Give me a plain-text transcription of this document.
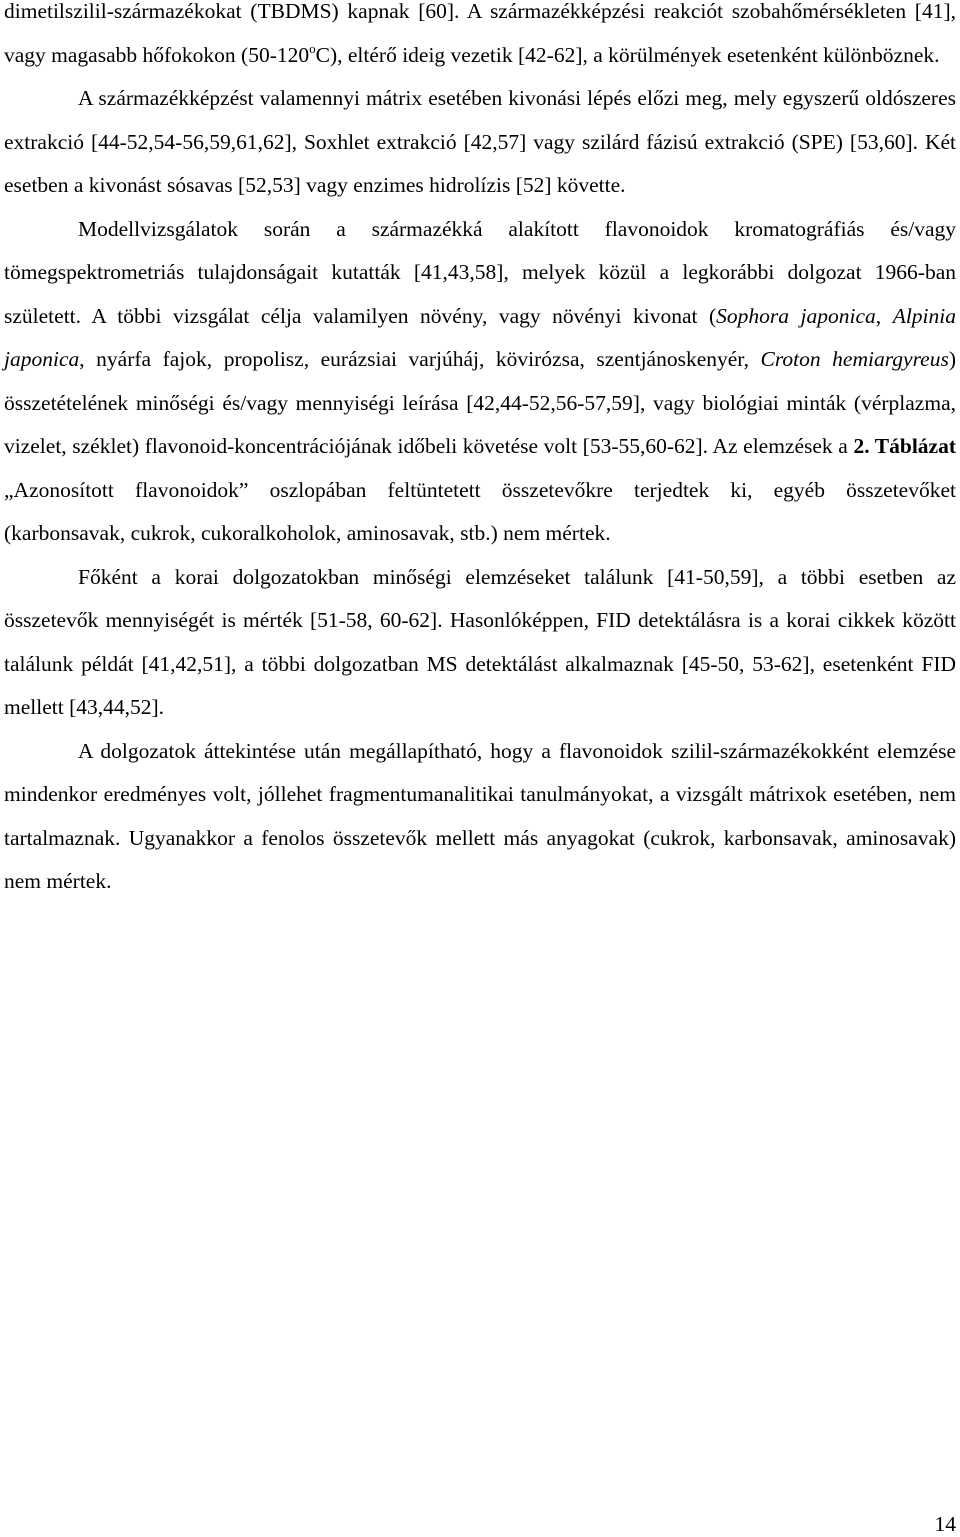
dimetilszilil-származékokat (TBDMS) kapnak [60]. A származékképzési reakciót szobahőmérsékleten [41], vagy magasabb hőfokokon (50-120$^o$C), eltérő ideig vezetik [42-62], a körülmények esetenként különböznek.

A származékképzést valamennyi mátrix esetében kivonási lépés előzi meg, mely egyszerű oldószeres extrakció [44-52,54-56,59,61,62], Soxhlet extrakció [42,57] vagy szilárd fázisú extrakció (SPE) [53,60]. Két esetben a kivonást sósavas [52,53] vagy enzimes hidrolízis [52] követte.

Modellvizsgálatok során a származékká alakított flavonoidok kromatográfiás és/vagy tömegspektrometriás tulajdonságait kutatták [41,43,58], melyek közül a legkorábbi dolgozat 1966-ban született. A többi vizsgálat célja valamilyen növény, vagy növényi kivonat (Sophora japonica, Alpinia japonica, nyárfa fajok, propolisz, eurázsiai varjúháj, kövirózsa, szentjánoskenyér, Croton hemiargyreus) összetételének minőségi és/vagy mennyiségi leírása [42,44-52,56-57,59], vagy biológiai minták (vérplazma, vizelet, széklet) flavonoid-koncentrációjának időbeli követése volt [53-55,60-62]. Az elemzések a 2. Táblázat „Azonosított flavonoidok” oszlopában feltüntetett összetevőkre terjedtek ki, egyéb összetevőket (karbonsavak, cukrok, cukoralkoholok, aminosavak, stb.) nem mértek.

Főként a korai dolgozatokban minőségi elemzéseket találunk [41-50,59], a többi esetben az összetevők mennyiségét is mérték [51-58, 60-62]. Hasonlóképpen, FID detektálásra is a korai cikkek között találunk példát [41,42,51], a többi dolgozatban MS detektálást alkalmaznak [45-50, 53-62], esetenként FID mellett [43,44,52].

A dolgozatok áttekintése után megállapítható, hogy a flavonoidok szilil-származékokként elemzése mindenkor eredményes volt, jóllehet fragmentumanalitikai tanulmányokat, a vizsgált mátrixok esetében, nem tartalmaznak. Ugyanakkor a fenolos összetevők mellett más anyagokat (cukrok, karbonsavak, aminosavak) nem mértek.

14
